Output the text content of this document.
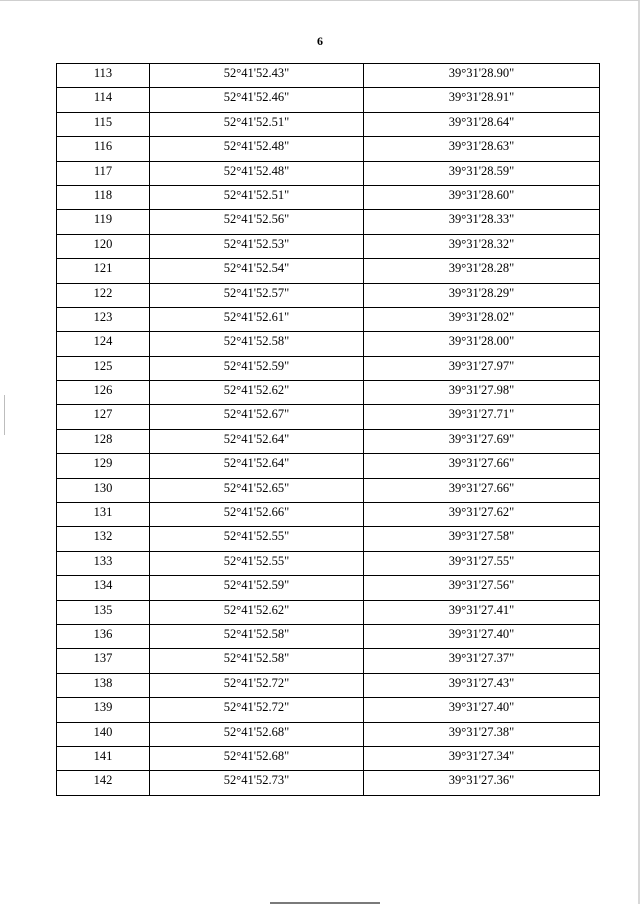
6
113	52°41'52.43"	39°31'28.90"
114	52°41'52.46"	39°31'28.91"
115	52°41'52.51"	39°31'28.64"
116	52°41'52.48"	39°31'28.63"
117	52°41'52.48"	39°31'28.59"
118	52°41'52.51"	39°31'28.60"
119	52°41'52.56"	39°31'28.33"
120	52°41'52.53"	39°31'28.32"
121	52°41'52.54"	39°31'28.28"
122	52°41'52.57"	39°31'28.29"
123	52°41'52.61"	39°31'28.02"
124	52°41'52.58"	39°31'28.00"
125	52°41'52.59"	39°31'27.97"
126	52°41'52.62"	39°31'27.98"
127	52°41'52.67"	39°31'27.71"
128	52°41'52.64"	39°31'27.69"
129	52°41'52.64"	39°31'27.66"
130	52°41'52.65"	39°31'27.66"
131	52°41'52.66"	39°31'27.62"
132	52°41'52.55"	39°31'27.58"
133	52°41'52.55"	39°31'27.55"
134	52°41'52.59"	39°31'27.56"
135	52°41'52.62"	39°31'27.41"
136	52°41'52.58"	39°31'27.40"
137	52°41'52.58"	39°31'27.37"
138	52°41'52.72"	39°31'27.43"
139	52°41'52.72"	39°31'27.40"
140	52°41'52.68"	39°31'27.38"
141	52°41'52.68"	39°31'27.34"
142	52°41'52.73"	39°31'27.36"
